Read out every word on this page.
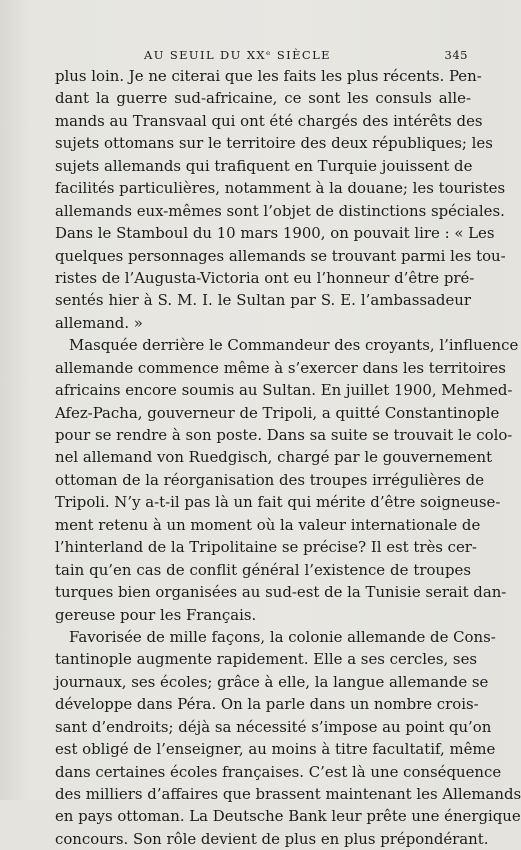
AU SEUIL DU XXᵉ SIÈCLE	345
plus loin. Je ne citerai que les faits les plus récents. Pen-
dant la guerre sud-africaine, ce sont les consuls alle-
mands au Transvaal qui ont été chargés des intérêts des
sujets ottomans sur le territoire des deux républiques; les
sujets allemands qui trafiquent en Turquie jouissent de
facilités particulières, notamment à la douane; les touristes
allemands eux-mêmes sont l’objet de distinctions spéciales.
Dans le Stamboul du 10 mars 1900, on pouvait lire : « Les
quelques personnages allemands se trouvant parmi les tou-
ristes de l’Augusta-Victoria ont eu l’honneur d’être pré-
sentés hier à S. M. I. le Sultan par S. E. l’ambassadeur
allemand. »
Masquée derrière le Commandeur des croyants, l’influence
allemande commence même à s’exercer dans les territoires
africains encore soumis au Sultan. En juillet 1900, Mehmed-
Afez-Pacha, gouverneur de Tripoli, a quitté Constantinople
pour se rendre à son poste. Dans sa suite se trouvait le colo-
nel allemand von Ruedgisch, chargé par le gouvernement
ottoman de la réorganisation des troupes irrégulières de
Tripoli. N’y a-t-il pas là un fait qui mérite d’être soigneuse-
ment retenu à un moment où la valeur internationale de
l’hinterland de la Tripolitaine se précise? Il est très cer-
tain qu’en cas de conflit général l’existence de troupes
turques bien organisées au sud-est de la Tunisie serait dan-
gereuse pour les Français.
Favorisée de mille façons, la colonie allemande de Cons-
tantinople augmente rapidement. Elle a ses cercles, ses
journaux, ses écoles; grâce à elle, la langue allemande se
développe dans Péra. On la parle dans un nombre crois-
sant d’endroits; déjà sa nécessité s’impose au point qu’on
est obligé de l’enseigner, au moins à titre facultatif, même
dans certaines écoles françaises. C’est là une conséquence
des milliers d’affaires que brassent maintenant les Allemands
en pays ottoman. La Deutsche Bank leur prête une énergique
concours. Son rôle devient de plus en plus prépondérant.
